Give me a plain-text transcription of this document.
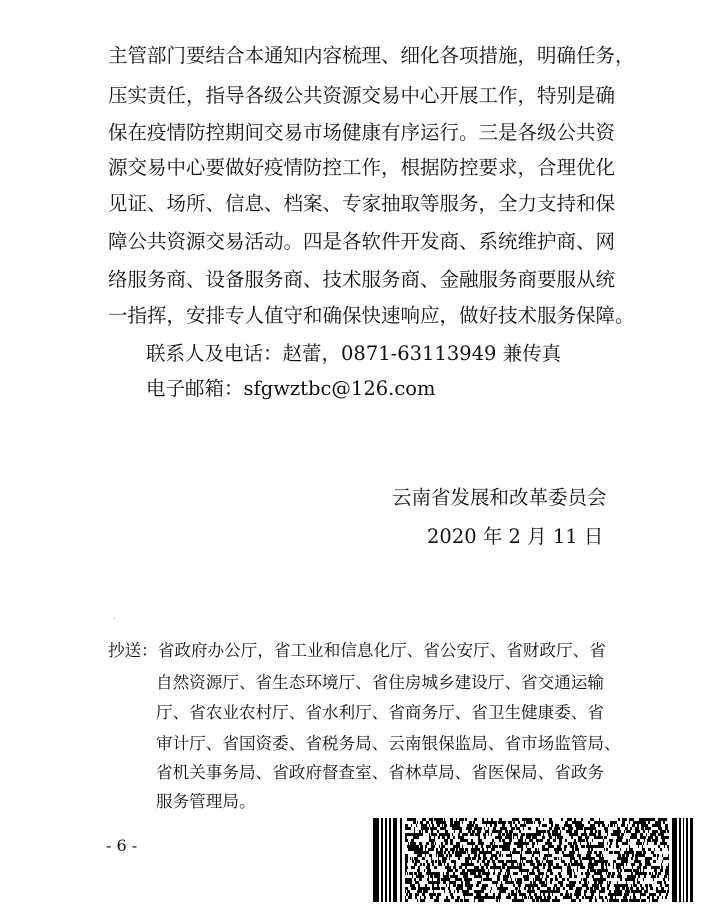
主管部门要结合本通知内容梳理、细化各项措施，明确任务，
压实责任，指导各级公共资源交易中心开展工作，特别是确
保在疫情防控期间交易市场健康有序运行。三是各级公共资
源交易中心要做好疫情防控工作，根据防控要求，合理优化
见证、场所、信息、档案、专家抽取等服务，全力支持和保
障公共资源交易活动。四是各软件开发商、系统维护商、网
络服务商、设备服务商、技术服务商、金融服务商要服从统
一指挥，安排专人值守和确保快速响应，做好技术服务保障。
联系人及电话：赵蕾，0871-63113949 兼传真
电子邮箱：sfgwztbc@126.com
云南省发展和改革委员会
2020 年 2 月 11 日
抄送：省政府办公厅，省工业和信息化厅、省公安厅、省财政厅、省
自然资源厅、省生态环境厅、省住房城乡建设厅、省交通运输
厅、省农业农村厅、省水利厅、省商务厅、省卫生健康委、省
审计厅、省国资委、省税务局、云南银保监局、省市场监管局、
省机关事务局、省政府督查室、省林草局、省医保局、省政务
服务管理局。
- 6 -
